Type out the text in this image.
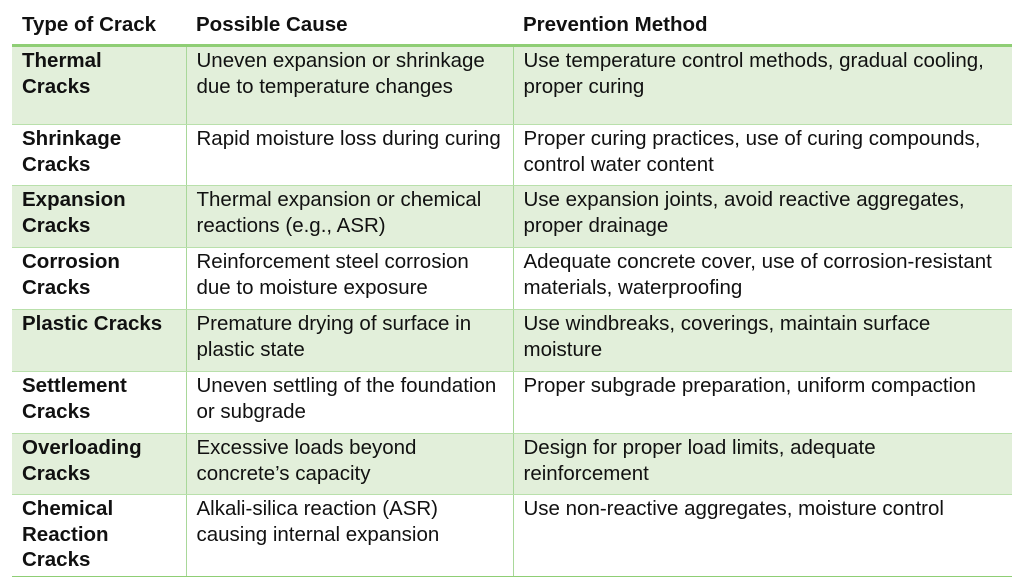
Type of Crack	Possible Cause	Prevention Method
Thermal Cracks	Uneven expansion or shrinkage due to temperature changes	Use temperature control methods, gradual cooling, proper curing
Shrinkage Cracks	Rapid moisture loss during curing	Proper curing practices, use of curing compounds, control water content
Expansion Cracks	Thermal expansion or chemical reactions (e.g., ASR)	Use expansion joints, avoid reactive aggregates, proper drainage
Corrosion Cracks	Reinforcement steel corrosion due to moisture exposure	Adequate concrete cover, use of corrosion-resistant materials, waterproofing
Plastic Cracks	Premature drying of surface in plastic state	Use windbreaks, coverings, maintain surface moisture
Settlement Cracks	Uneven settling of the foundation or subgrade	Proper subgrade preparation, uniform compaction
Overloading Cracks	Excessive loads beyond concrete’s capacity	Design for proper load limits, adequate reinforcement
Chemical Reaction Cracks	Alkali-silica reaction (ASR) causing internal expansion	Use non-reactive aggregates, moisture control
